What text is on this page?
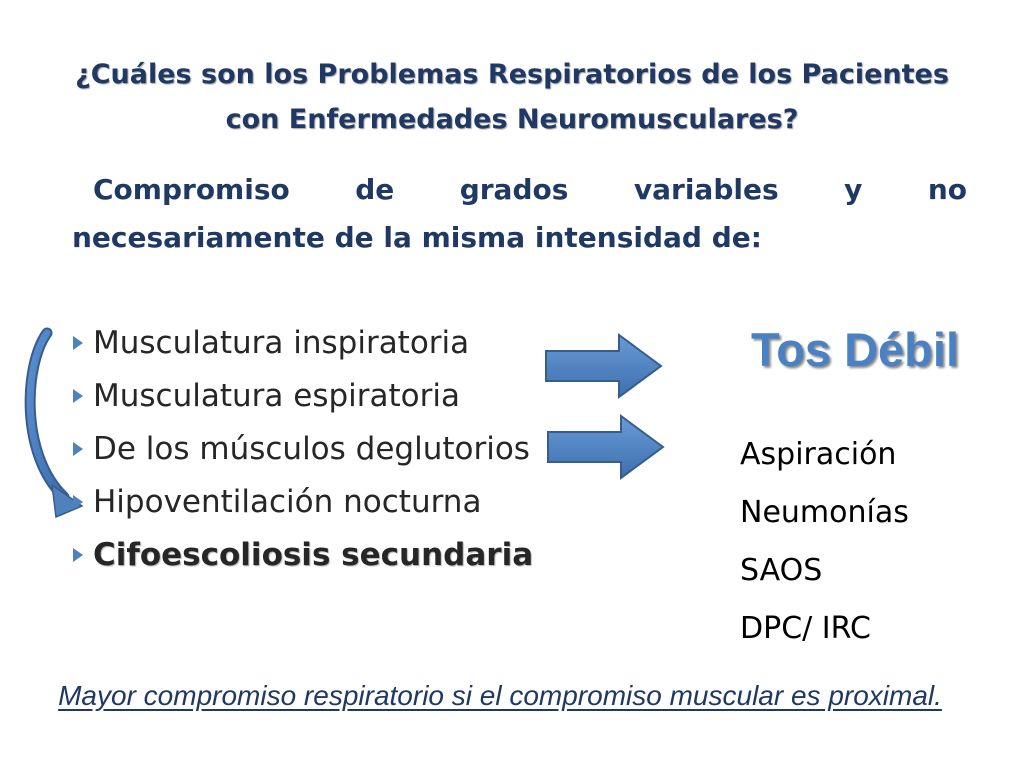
¿Cuáles son los Problemas Respiratorios de los Pacientes
con Enfermedades Neuromusculares?

Compromiso de grados variables y no
necesariamente de la misma intensidad de:

Musculatura inspiratoria
Musculatura espiratoria
De los músculos deglutorios
Hipoventilación nocturna
Cifoescoliosis secundaria
Tos Débil
Aspiración
Neumonías
SAOS
DPC/ IRC
Mayor compromiso respiratorio si el compromiso muscular es proximal.
